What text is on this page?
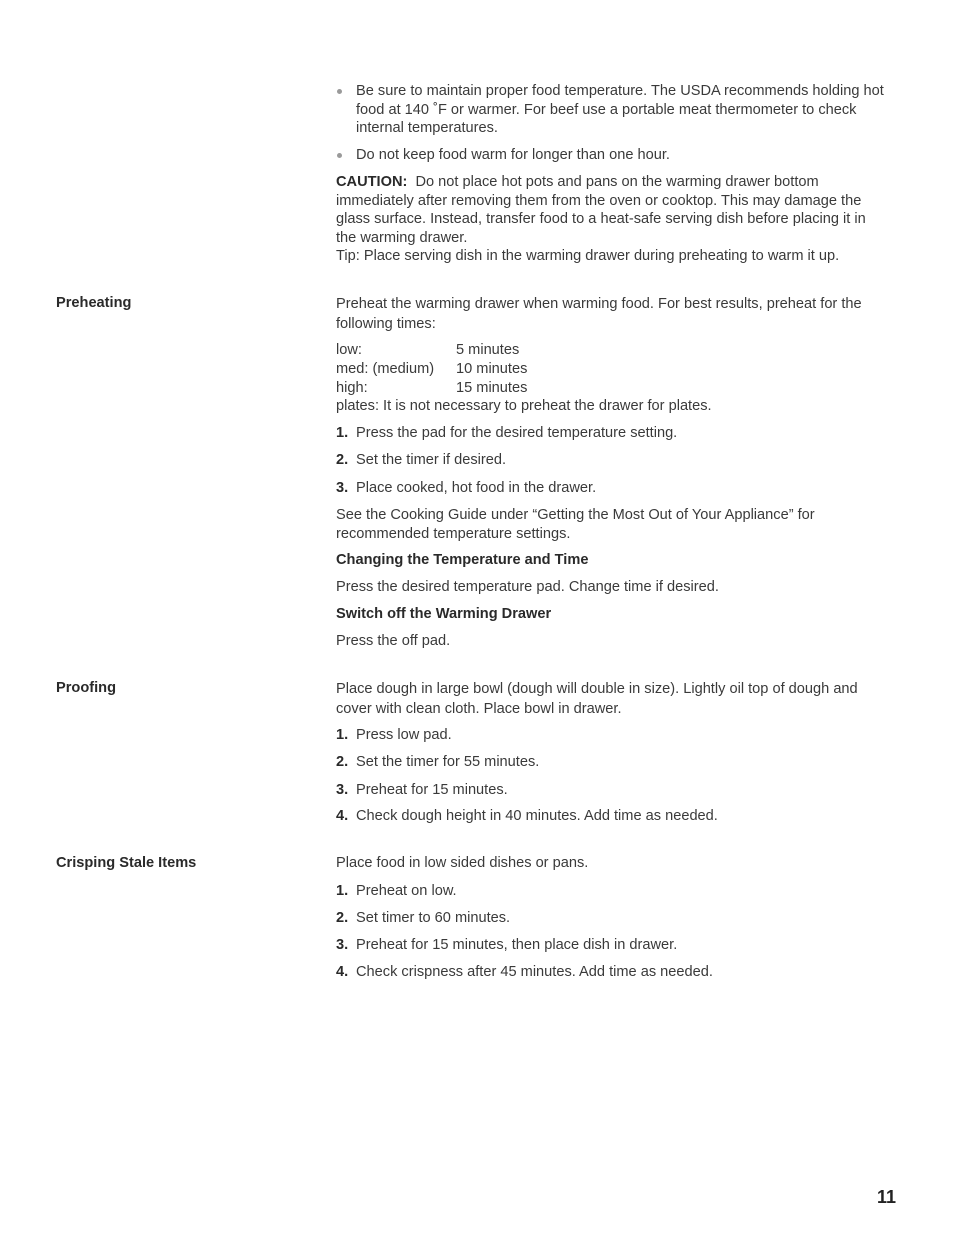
Be sure to maintain proper food temperature. The USDA recommends holding hot food at 140 ˚F or warmer. For beef use a portable meat thermometer to check internal temperatures.
Do not keep food warm for longer than one hour.

CAUTION: Do not place hot pots and pans on the warming drawer bottom immediately after removing them from the oven or cooktop. This may damage the glass surface. Instead, transfer food to a heat-safe serving dish before placing it in the warming drawer.

Tip: Place serving dish in the warming drawer during preheating to warm it up.

Preheating	Preheat the warming drawer when warming food. For best results, preheat for the following times:
low:	5 minutes
med: (medium) 10 minutes
high:	15 minutes
plates: It is not necessary to preheat the drawer for plates.
1. Press the pad for the desired temperature setting.
2. Set the timer if desired.
3. Place cooked, hot food in the drawer.
See the Cooking Guide under “Getting the Most Out of Your Appliance” for recommended temperature settings.
Changing the Temperature and Time
Press the desired temperature pad. Change time if desired.
Switch off the Warming Drawer
Press the off pad.
Proofing	Place dough in large bowl (dough will double in size). Lightly oil top of dough and cover with clean cloth. Place bowl in drawer.
1. Press low pad.
2. Set the timer for 55 minutes.
3. Preheat for 15 minutes.
4. Check dough height in 40 minutes. Add time as needed.
Crisping Stale Items	Place food in low sided dishes or pans.
1. Preheat on low.
2. Set timer to 60 minutes.
3. Preheat for 15 minutes, then place dish in drawer.
4. Check crispness after 45 minutes. Add time as needed.
11
